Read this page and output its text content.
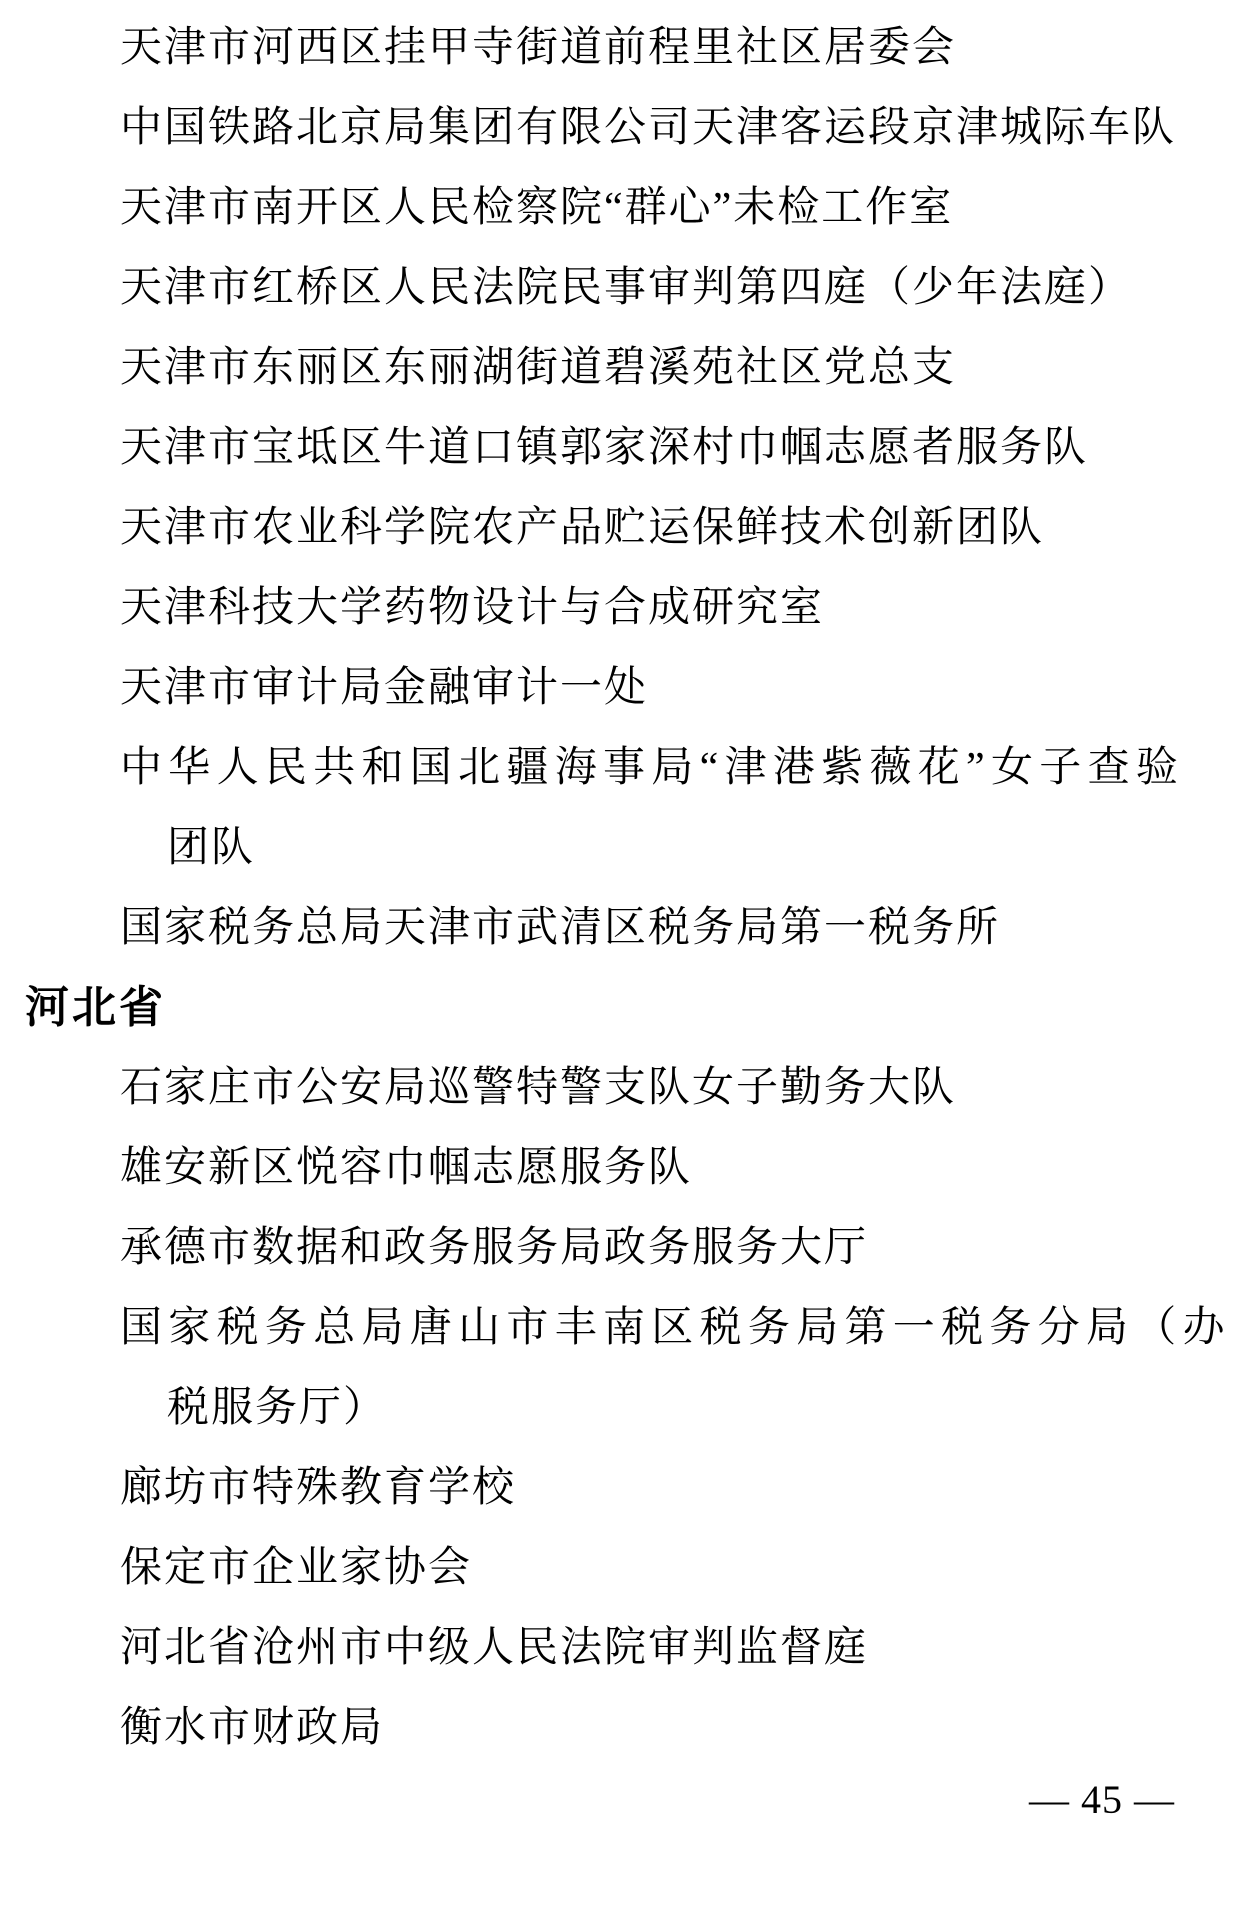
天津市河西区挂甲寺街道前程里社区居委会
中国铁路北京局集团有限公司天津客运段京津城际车队
天津市南开区人民检察院“群心”未检工作室
天津市红桥区人民法院民事审判第四庭（少年法庭）
天津市东丽区东丽湖街道碧溪苑社区党总支
天津市宝坻区牛道口镇郭家深村巾帼志愿者服务队
天津市农业科学院农产品贮运保鲜技术创新团队
天津科技大学药物设计与合成研究室
天津市审计局金融审计一处
中华人民共和国北疆海事局“津港紫薇花”女子查验
团队
国家税务总局天津市武清区税务局第一税务所
河北省
石家庄市公安局巡警特警支队女子勤务大队
雄安新区悦容巾帼志愿服务队
承德市数据和政务服务局政务服务大厅
国家税务总局唐山市丰南区税务局第一税务分局（办
税服务厅）
廊坊市特殊教育学校
保定市企业家协会
河北省沧州市中级人民法院审判监督庭
衡水市财政局
— 45 —
